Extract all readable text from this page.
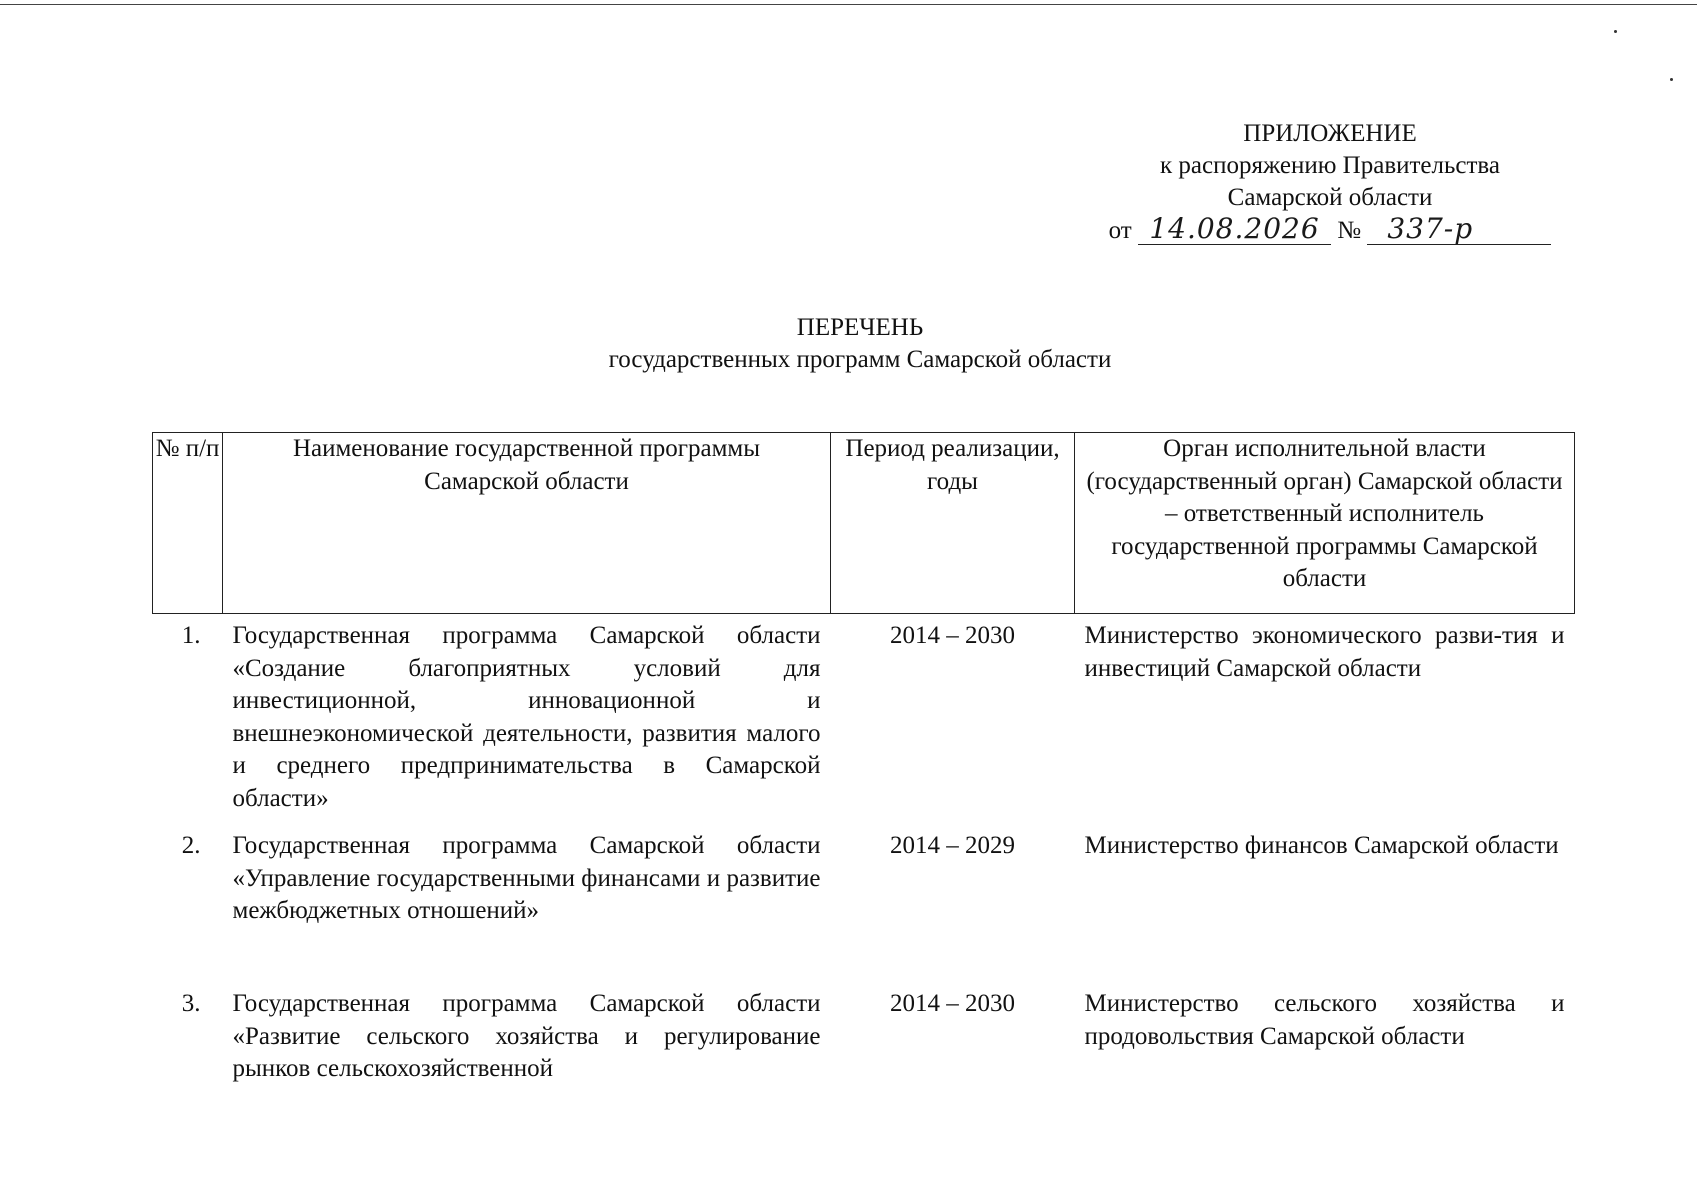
ПРИЛОЖЕНИЕ
к распоряжению Правительства
Самарской области
от 14.08.2026 № 337-р
ПЕРЕЧЕНЬ
государственных программ Самарской области
№ п/п	Наименование государственной программы Самарской области	Период реализации, годы	Орган исполнительной власти (государственный орган) Самарской области – ответственный исполнитель государственной программы Самарской области

1.	Государственная программа Самарской области «Создание благоприятных условий для инвестиционной, инновационной и внешнеэкономической деятельности, развития малого и среднего предпринимательства в Самарской области»	2014 – 2030	Министерство экономического разви-тия и инвестиций Самарской области
2.	Государственная программа Самарской области «Управление государственными финансами и развитие межбюджетных отношений»	2014 – 2029	Министерство финансов Самарской области
3.	Государственная программа Самарской области «Развитие сельского хозяйства и регулирование рынков сельскохозяйственной	2014 – 2030	Министерство сельского хозяйства и продовольствия Самарской области
